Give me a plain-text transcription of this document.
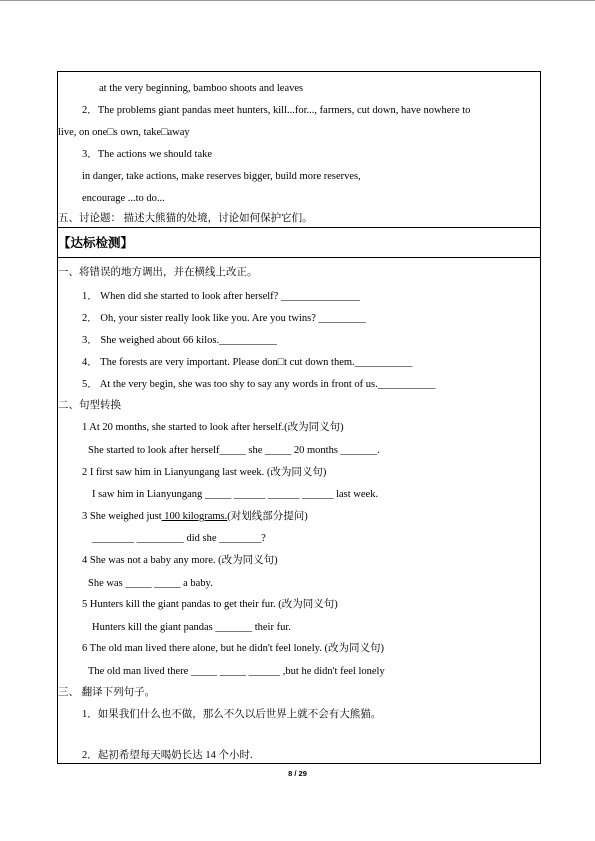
at the very beginning, bamboo shoots and leaves
2．The problems giant pandas meet hunters, kill...for..., farmers, cut down, have nowhere to
live, on one□s own, take□away
3．The actions we should take
in danger, take actions, make reserves bigger, build more reserves,
encourage ...to do...
五、讨论题： 描述大熊猫的处境，讨论如何保护它们。
【达标检测】
一、将错误的地方调出，并在横线上改正。
1． When did she started to look after herself? _______________
2． Oh, your sister really look like you. Are you twins? _________
3． She weighed about 66 kilos.___________
4． The forests are very important. Please don□t cut down them.___________
5． At the very begin, she was too shy to say any words in front of us.___________
二、句型转换
1 At 20 months, she started to look after herself.(改为同义句)
She started to look after herself_____ she _____ 20 months _______.
2 I first saw him in Lianyungang last week. (改为同义句)
I saw him in Lianyungang _____ ______ ______ ______ last week.
3 She weighed just 100 kilograms.(对划线部分提问)
________ _________ did she ________?
4 She was not a baby any more. (改为同义句)
She was _____ _____ a baby.
5 Hunters kill the giant pandas to get their fur. (改为同义句)
Hunters kill the giant pandas _______ their fur.
6 The old man lived there alone, but he didn't feel lonely. (改为同义句)
The old man lived there _____ _____ ______ ,but he didn't feel lonely
三、 翻译下列句子。
1．如果我们什么也不做，那么不久以后世界上就不会有大熊猫。
2．起初希望每天喝奶长达 14 个小时.
8 / 29
